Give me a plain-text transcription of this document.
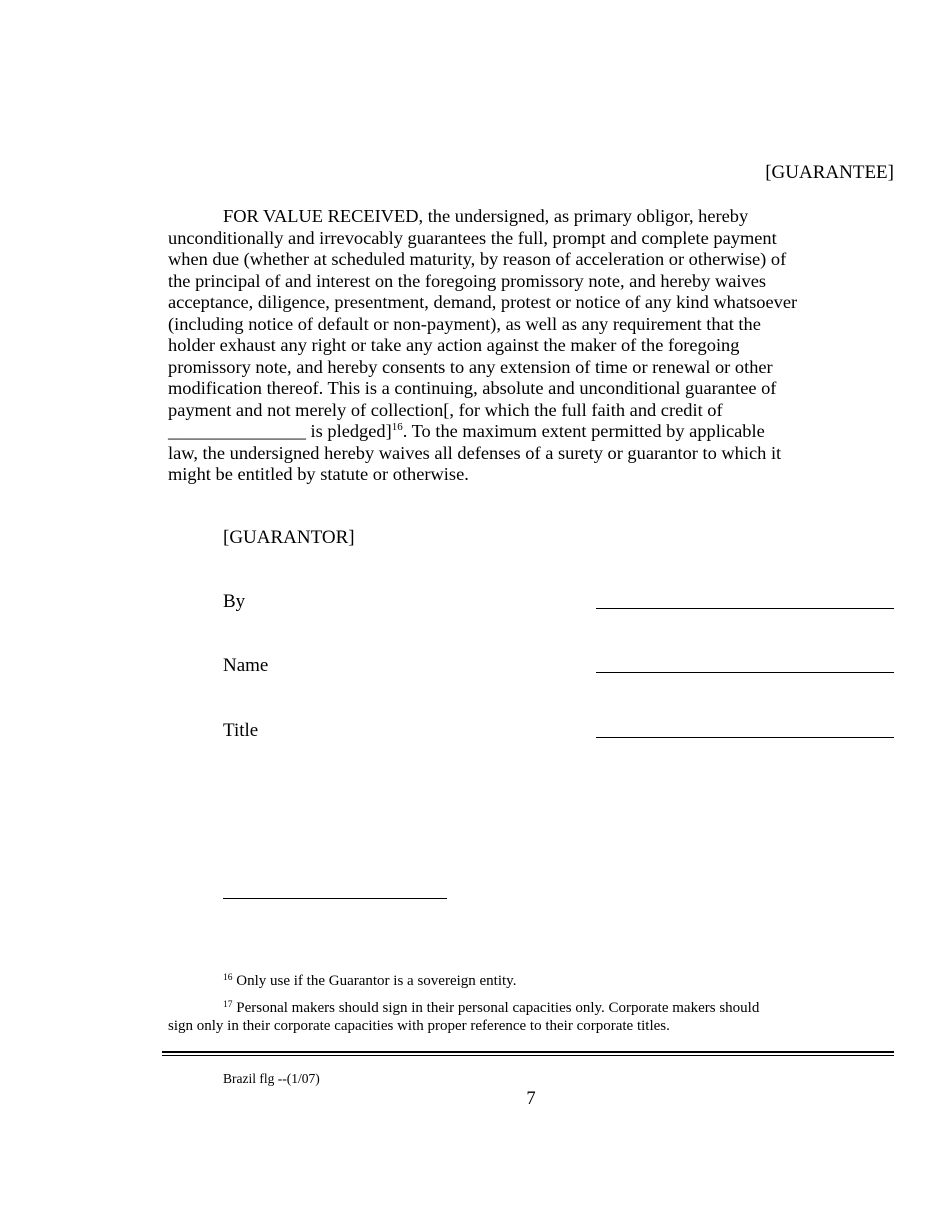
[GUARANTEE]
FOR VALUE RECEIVED, the undersigned, as primary obligor, hereby
unconditionally and irrevocably guarantees the full, prompt and complete payment
when due (whether at scheduled maturity, by reason of acceleration or otherwise) of
the principal of and interest on the foregoing promissory note, and hereby waives
acceptance, diligence, presentment, demand, protest or notice of any kind whatsoever
(including notice of default or non-payment), as well as any requirement that the
holder exhaust any right or take any action against the maker of the foregoing
promissory note, and hereby consents to any extension of time or renewal or other
modification thereof. This is a continuing, absolute and unconditional guarantee of
payment and not merely of collection[, for which the full faith and credit of
_______________ is pledged]$^{16}$. To the maximum extent permitted by applicable
law, the undersigned hereby waives all defenses of a surety or guarantor to which it
might be entitled by statute or otherwise.
[GUARANTOR]
By
Name
Title
$^{16}$ Only use if the Guarantor is a sovereign entity.
$^{17}$ Personal makers should sign in their personal capacities only. Corporate makers should
sign only in their corporate capacities with proper reference to their corporate titles.
Brazil flg --(1/07)
7
